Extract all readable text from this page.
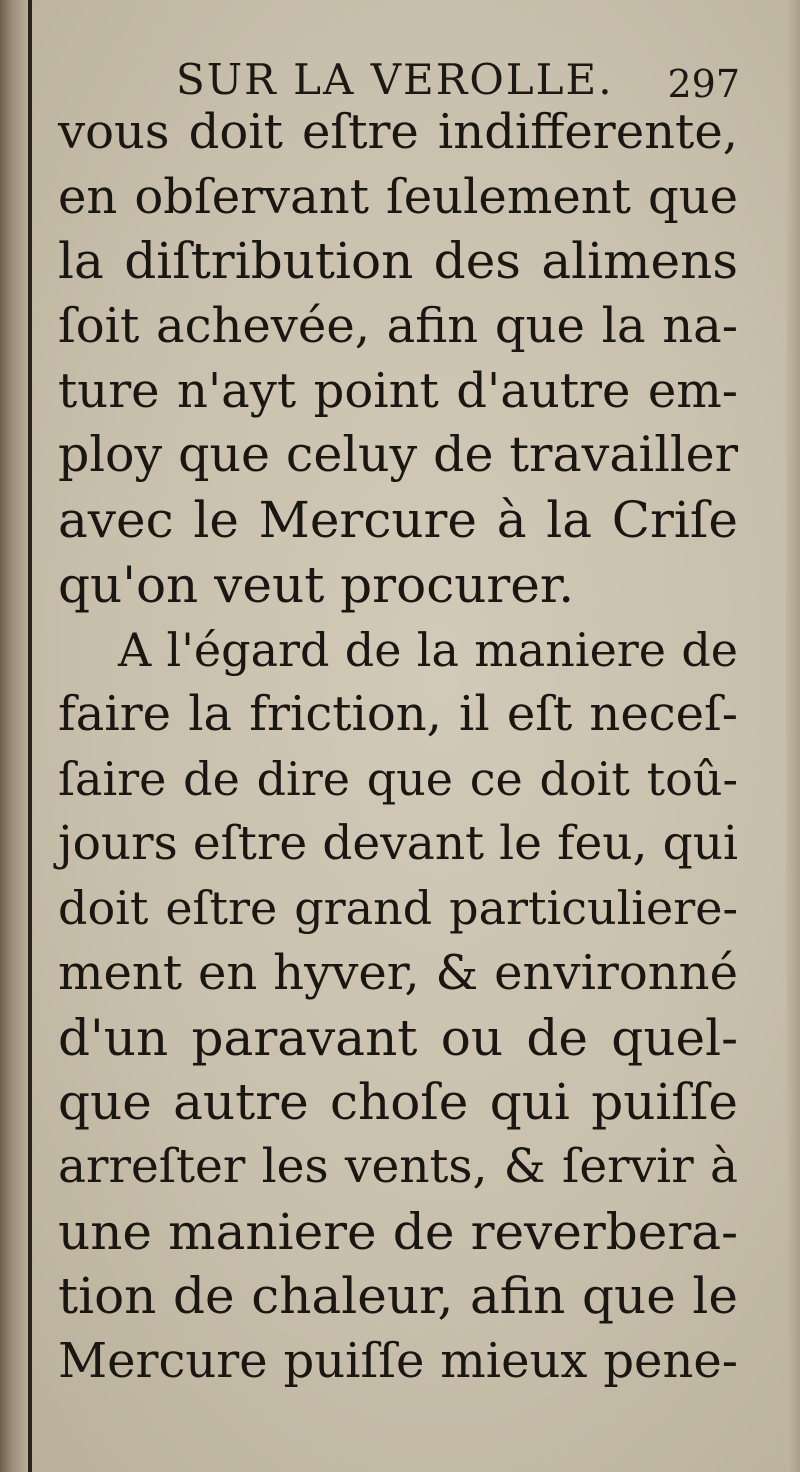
SUR LA VEROLLE. 297
vous doit eſtre indifferente,
en obſervant ſeulement que
la diſtribution des alimens
ſoit achevée, afin que la na-
ture n'ayt point d'autre em-
ploy que celuy de travailler
avec le Mercure à la Criſe
qu'on veut procurer.
A l'égard de la maniere de
faire la friction, il eſt neceſ-
ſaire de dire que ce doit toû-
jours eſtre devant le feu, qui
doit eſtre grand particuliere-
ment en hyver, & environné
d'un paravant ou de quel-
que autre choſe qui puiſſe
arreſter les vents, & ſervir à
une maniere de reverbera-
tion de chaleur, afin que le
Mercure puiſſe mieux pene-
